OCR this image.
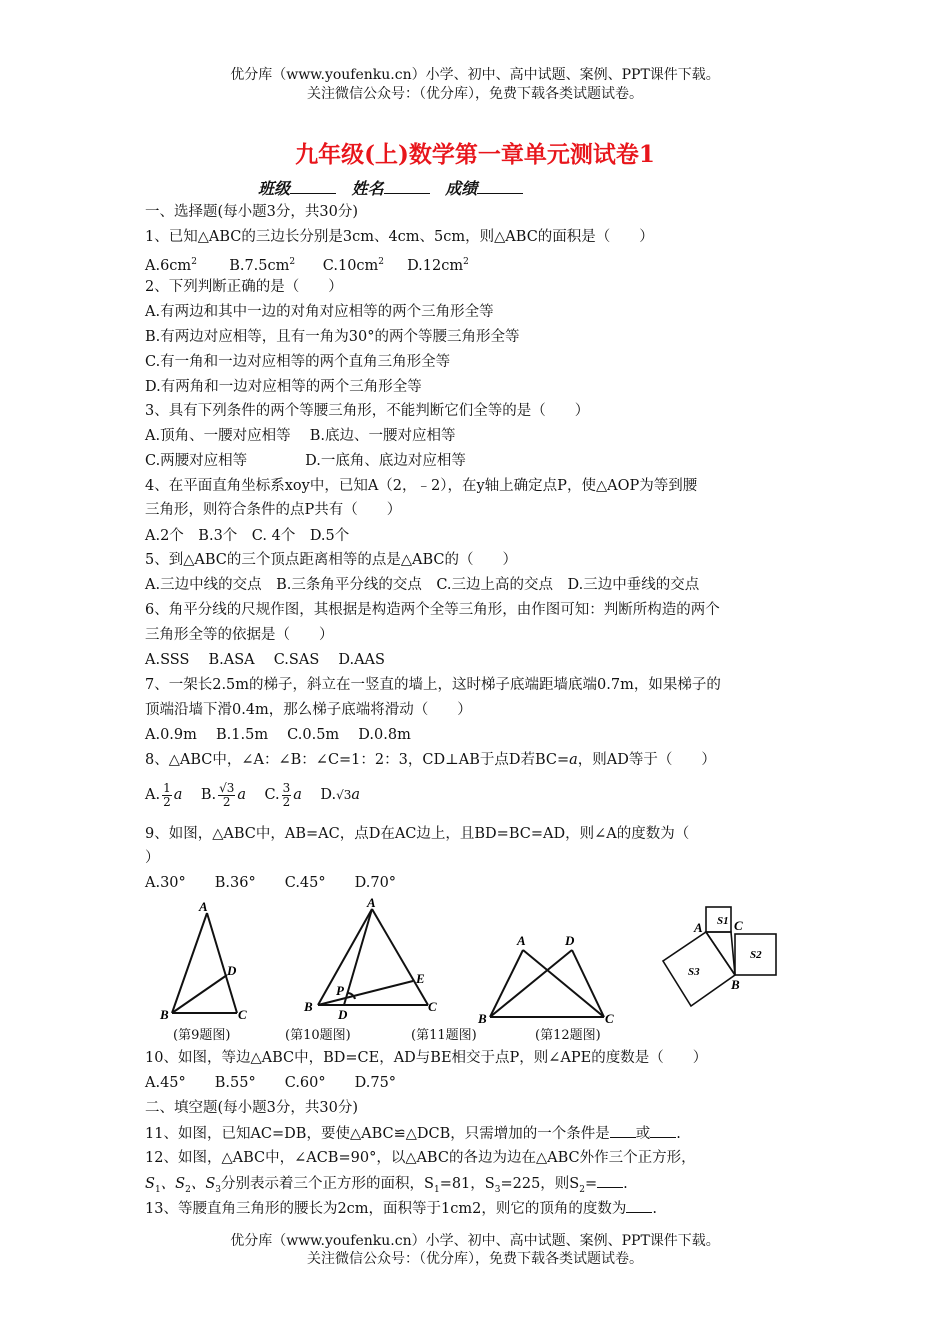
优分库（www.youfenku.cn）小学、初中、高中试题、案例、PPT课件下载。
关注微信公众号：（优分库），免费下载各类试题试卷。
九年级(上)数学第一章单元测试卷1
班级	姓名	成绩
一、选择题(每小题3分，共30分)
1、已知△ABC的三边长分别是3cm、4cm、5cm，则△ABC的面积是（　　）
$A.6cm^2$ $B.7.5cm^2$ $C.10cm^2$ $D.12cm^2$
2、下列判断正确的是（　　）
A.有两边和其中一边的对角对应相等的两个三角形全等
B.有两边对应相等，且有一角为30°的两个等腰三角形全等
C.有一角和一边对应相等的两个直角三角形全等
D.有两角和一边对应相等的两个三角形全等
3、具有下列条件的两个等腰三角形，不能判断它们全等的是（　　）
A.顶角、一腰对应相等　 B.底边、一腰对应相等
C.两腰对应相等　　　　D.一底角、底边对应相等
4、在平面直角坐标系xoy中，已知A（2，﹣2），在y轴上确定点P，使△AOP为等到腰
三角形，则符合条件的点P共有（　　）
A.2个　B.3个　C. 4个　D.5个
5、到△ABC的三个顶点距离相等的点是△ABC的（　　）
A.三边中线的交点　B.三条角平分线的交点　C.三边上高的交点　D.三边中垂线的交点
6、角平分线的尺规作图，其根据是构造两个全等三角形，由作图可知：判断所构造的两个
三角形全等的依据是（　　）
A.SSS　 B.ASA　 C.SAS　 D.AAS
7、一架长2.5m的梯子，斜立在一竖直的墙上，这时梯子底端距墙底端0.7m，如果梯子的
顶端沿墙下滑0.4m，那么梯子底端将滑动（　　）
A.0.9m　 B.1.5m　 C.0.5m　 D.0.8m
8、△ABC中，∠A：∠B：∠C=1：2：3，CD⊥AB于点D若BC=a，则AD等于（　　）
A. $\frac{1}{2}$ a B. $\frac{√3}{2}$ a C. $\frac{3}{2}$ a D.√3a
9、如图，△ABC中，AB=AC，点D在AC边上，且BD=BC=AD，则∠A的度数为（
）
A.30°　　B.36°　　C.45°　　D.70°
A
B	C
D
A
B	C
D
E
P
A	D
B	C
S1
S2
S3
A C
B
(第9题图)	(第10题图)	(第11题图)	(第12题图)
10、如图，等边△ABC中，BD=CE，AD与BE相交于点P，则∠APE的度数是（　　）
A.45°　　B.55°　　C.60°　　D.75°
二、填空题(每小题3分，共30分)
11、如图，已知AC=DB，要使△ABC≌△DCB，只需增加的一个条件是 或 .
12、如图，△ABC中，∠ACB=90°，以△ABC的各边为边在△ABC外作三个正方形，
$S_1$、$S_2$、$S_3$分别表示着三个正方形的面积，$S_1=81$，$S_3=225$，则$S_2=$ .
13、等腰直角三角形的腰长为2cm，面积等于1cm2，则它的顶角的度数为 .
优分库（www.youfenku.cn）小学、初中、高中试题、案例、PPT课件下载。
关注微信公众号：（优分库），免费下载各类试题试卷。
